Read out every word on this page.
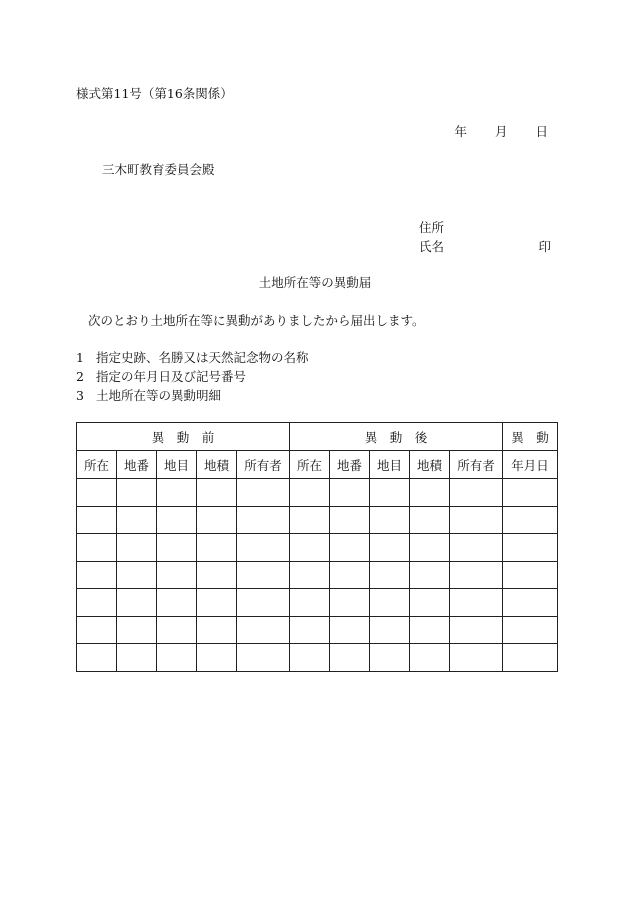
様式第11号（第16条関係）
年 月 日
三木町教育委員会殿
住所
氏名	印
土地所在等の異動届
次のとおり土地所在等に異動がありましたから届出します。
1 指定史跡、名勝又は天然記念物の名称
2 指定の年月日及び記号番号
3 土地所在等の異動明細
異　動　前					異　動　後					異　動
所在	地番	地目	地積	所有者	所在	地番	地目	地積	所有者	年月日
